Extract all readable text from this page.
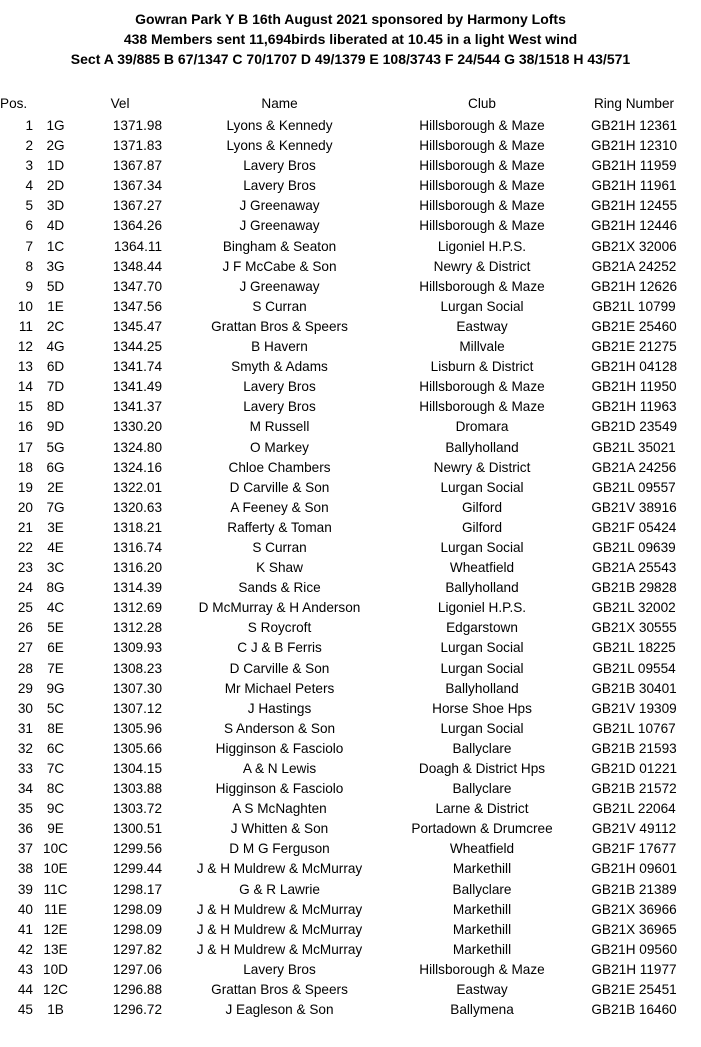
Gowran Park Y B 16th August 2021 sponsored by Harmony Lofts
438 Members sent 11,694birds liberated at 10.45 in a light West wind
Sect A 39/885 B 67/1347 C 70/1707 D 49/1379 E 108/3743 F 24/544 G 38/1518 H 43/571
Pos.		Vel	Name	Club	Ring Number
1	1G	1371.98	Lyons & Kennedy	Hillsborough & Maze	GB21H 12361
2	2G	1371.83	Lyons & Kennedy	Hillsborough & Maze	GB21H 12310
3	1D	1367.87	Lavery Bros	Hillsborough & Maze	GB21H 11959
4	2D	1367.34	Lavery Bros	Hillsborough & Maze	GB21H 11961
5	3D	1367.27	J Greenaway	Hillsborough & Maze	GB21H 12455
6	4D	1364.26	J Greenaway	Hillsborough & Maze	GB21H 12446
7	1C	1364.11	Bingham & Seaton	Ligoniel H.P.S.	GB21X 32006
8	3G	1348.44	J F McCabe & Son	Newry & District	GB21A 24252
9	5D	1347.70	J Greenaway	Hillsborough & Maze	GB21H 12626
10	1E	1347.56	S Curran	Lurgan Social	GB21L 10799
11	2C	1345.47	Grattan Bros & Speers	Eastway	GB21E 25460
12	4G	1344.25	B Havern	Millvale	GB21E 21275
13	6D	1341.74	Smyth & Adams	Lisburn & District	GB21H 04128
14	7D	1341.49	Lavery Bros	Hillsborough & Maze	GB21H 11950
15	8D	1341.37	Lavery Bros	Hillsborough & Maze	GB21H 11963
16	9D	1330.20	M Russell	Dromara	GB21D 23549
17	5G	1324.80	O Markey	Ballyholland	GB21L 35021
18	6G	1324.16	Chloe Chambers	Newry & District	GB21A 24256
19	2E	1322.01	D Carville & Son	Lurgan Social	GB21L 09557
20	7G	1320.63	A Feeney & Son	Gilford	GB21V 38916
21	3E	1318.21	Rafferty & Toman	Gilford	GB21F 05424
22	4E	1316.74	S Curran	Lurgan Social	GB21L 09639
23	3C	1316.20	K Shaw	Wheatfield	GB21A 25543
24	8G	1314.39	Sands & Rice	Ballyholland	GB21B 29828
25	4C	1312.69	D McMurray & H Anderson	Ligoniel H.P.S.	GB21L 32002
26	5E	1312.28	S Roycroft	Edgarstown	GB21X 30555
27	6E	1309.93	C J & B Ferris	Lurgan Social	GB21L 18225
28	7E	1308.23	D Carville & Son	Lurgan Social	GB21L 09554
29	9G	1307.30	Mr Michael Peters	Ballyholland	GB21B 30401
30	5C	1307.12	J Hastings	Horse Shoe Hps	GB21V 19309
31	8E	1305.96	S Anderson & Son	Lurgan Social	GB21L 10767
32	6C	1305.66	Higginson & Fasciolo	Ballyclare	GB21B 21593
33	7C	1304.15	A & N Lewis	Doagh & District Hps	GB21D 01221
34	8C	1303.88	Higginson & Fasciolo	Ballyclare	GB21B 21572
35	9C	1303.72	A S McNaghten	Larne & District	GB21L 22064
36	9E	1300.51	J Whitten & Son	Portadown & Drumcree	GB21V 49112
37	10C	1299.56	D M G Ferguson	Wheatfield	GB21F 17677
38	10E	1299.44	J & H Muldrew & McMurray	Markethill	GB21H 09601
39	11C	1298.17	G & R Lawrie	Ballyclare	GB21B 21389
40	11E	1298.09	J & H Muldrew & McMurray	Markethill	GB21X 36966
41	12E	1298.09	J & H Muldrew & McMurray	Markethill	GB21X 36965
42	13E	1297.82	J & H Muldrew & McMurray	Markethill	GB21H 09560
43	10D	1297.06	Lavery Bros	Hillsborough & Maze	GB21H 11977
44	12C	1296.88	Grattan Bros & Speers	Eastway	GB21E 25451
45	1B	1296.72	J Eagleson & Son	Ballymena	GB21B 16460
